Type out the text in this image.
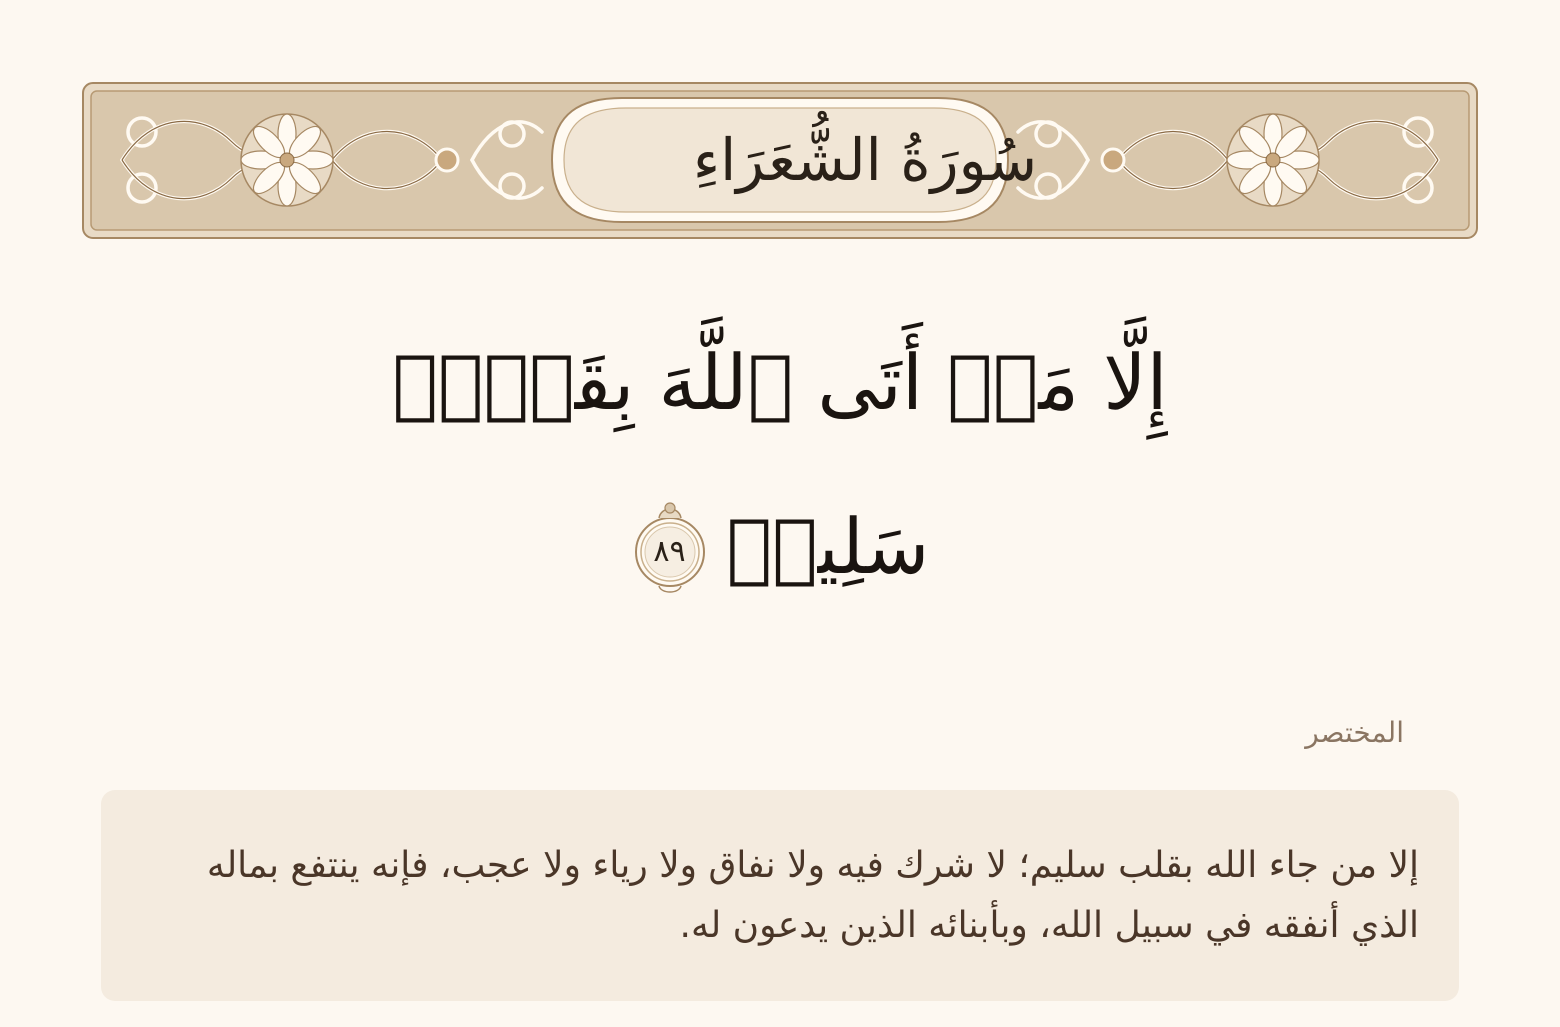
سُورَةُ الشُّعَرَاءِ
إِلَّا مَنۡ أَتَى ٱللَّهَ بِقَلۡبٖ
سَلِيمٖ
٨٩
المختصر

إلا من جاء الله بقلب سليم؛ لا شرك فيه ولا نفاق ولا رياء ولا عجب، فإنه ينتفع بماله الذي أنفقه في سبيل الله، وبأبنائه الذين يدعون له.
